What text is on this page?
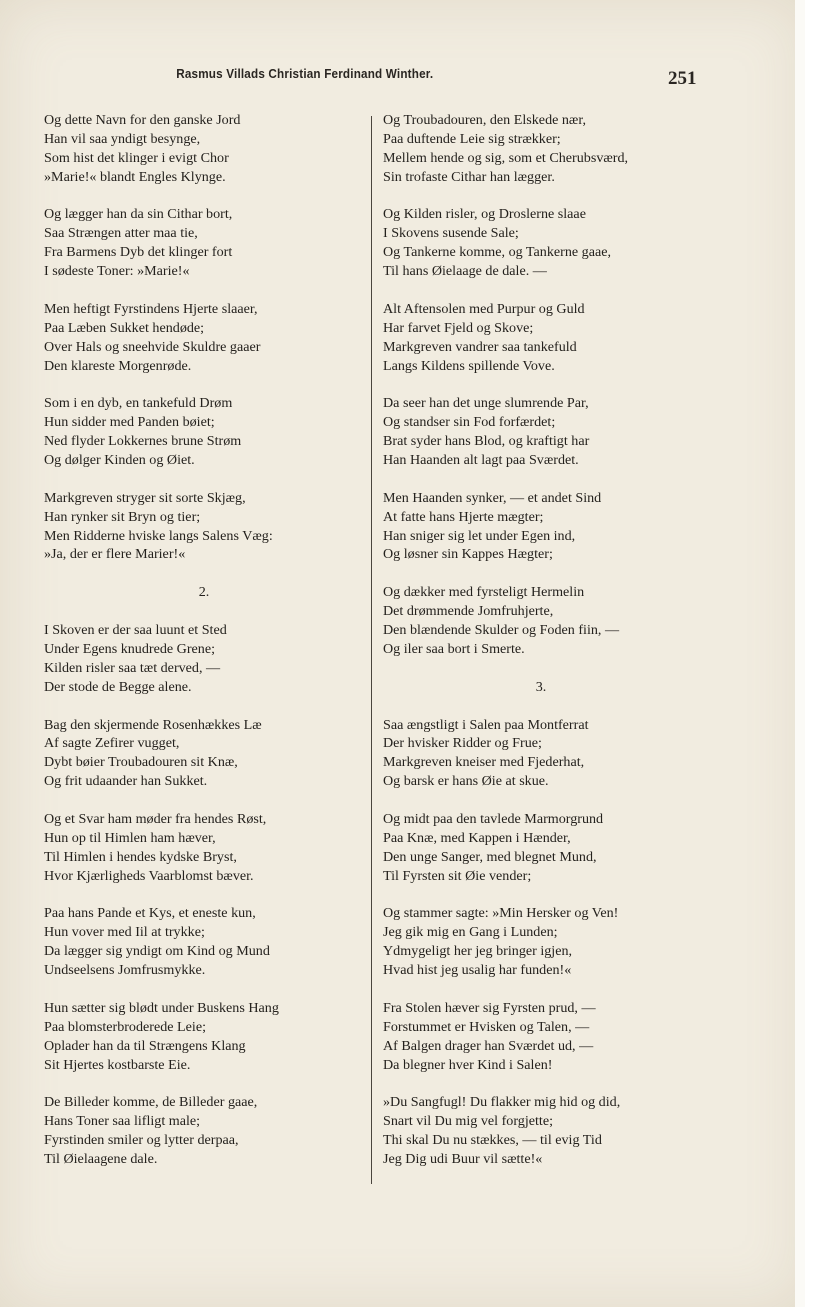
Rasmus Villads Christian Ferdinand Winther.	251
Og dette Navn for den ganske Jord
Han vil saa yndigt besynge,
Som hist det klinger i evigt Chor
»Marie!« blandt Engles Klynge.
Og lægger han da sin Cithar bort,
Saa Strængen atter maa tie,
Fra Barmens Dyb det klinger fort
I sødeste Toner: »Marie!«
Men heftigt Fyrstindens Hjerte slaaer,
Paa Læben Sukket hendøde;
Over Hals og sneehvide Skuldre gaaer
Den klareste Morgenrøde.
Som i en dyb, en tankefuld Drøm
Hun sidder med Panden bøiet;
Ned flyder Lokkernes brune Strøm
Og dølger Kinden og Øiet.
Markgreven stryger sit sorte Skjæg,
Han rynker sit Bryn og tier;
Men Ridderne hviske langs Salens Væg:
»Ja, der er flere Marier!«
2.
I Skoven er der saa luunt et Sted
Under Egens knudrede Grene;
Kilden risler saa tæt derved, —
Der stode de Begge alene.
Bag den skjermende Rosenhækkes Læ
Af sagte Zefirer vugget,
Dybt bøier Troubadouren sit Knæ,
Og frit udaander han Sukket.
Og et Svar ham møder fra hendes Røst,
Hun op til Himlen ham hæver,
Til Himlen i hendes kydske Bryst,
Hvor Kjærligheds Vaarblomst bæver.
Paa hans Pande et Kys, et eneste kun,
Hun vover med Iil at trykke;
Da lægger sig yndigt om Kind og Mund
Undseelsens Jomfrusmykke.
Hun sætter sig blødt under Buskens Hang
Paa blomsterbroderede Leie;
Oplader han da til Strængens Klang
Sit Hjertes kostbarste Eie.
De Billeder komme, de Billeder gaae,
Hans Toner saa lifligt male;
Fyrstinden smiler og lytter derpaa,
Til Øielaagene dale.
Og Troubadouren, den Elskede nær,
Paa duftende Leie sig strækker;
Mellem hende og sig, som et Cherubsværd,
Sin trofaste Cithar han lægger.
Og Kilden risler, og Droslerne slaae
I Skovens susende Sale;
Og Tankerne komme, og Tankerne gaae,
Til hans Øielaage de dale. —
Alt Aftensolen med Purpur og Guld
Har farvet Fjeld og Skove;
Markgreven vandrer saa tankefuld
Langs Kildens spillende Vove.
Da seer han det unge slumrende Par,
Og standser sin Fod forfærdet;
Brat syder hans Blod, og kraftigt har
Han Haanden alt lagt paa Sværdet.
Men Haanden synker, — et andet Sind
At fatte hans Hjerte mægter;
Han sniger sig let under Egen ind,
Og løsner sin Kappes Hægter;
Og dækker med fyrsteligt Hermelin
Det drømmende Jomfruhjerte,
Den blændende Skulder og Foden fiin, —
Og iler saa bort i Smerte.
3.
Saa ængstligt i Salen paa Montferrat
Der hvisker Ridder og Frue;
Markgreven kneiser med Fjederhat,
Og barsk er hans Øie at skue.
Og midt paa den tavlede Marmorgrund
Paa Knæ, med Kappen i Hænder,
Den unge Sanger, med blegnet Mund,
Til Fyrsten sit Øie vender;
Og stammer sagte: »Min Hersker og Ven!
Jeg gik mig en Gang i Lunden;
Ydmygeligt her jeg bringer igjen,
Hvad hist jeg usalig har funden!«
Fra Stolen hæver sig Fyrsten prud, —
Forstummet er Hvisken og Talen, —
Af Balgen drager han Sværdet ud, —
Da blegner hver Kind i Salen!
»Du Sangfugl! Du flakker mig hid og did,
Snart vil Du mig vel forgjette;
Thi skal Du nu stækkes, — til evig Tid
Jeg Dig udi Buur vil sætte!«
